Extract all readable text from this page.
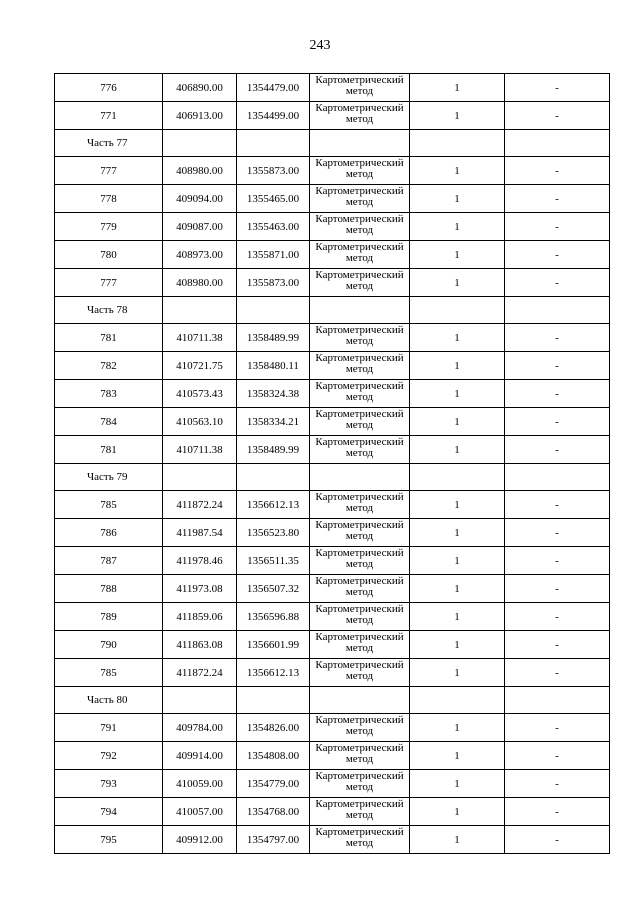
243
776	406890.00	1354479.00	Картометрический метод	1	-
771	406913.00	1354499.00	Картометрический метод	1	-
Часть 77					
777	408980.00	1355873.00	Картометрический метод	1	-
778	409094.00	1355465.00	Картометрический метод	1	-
779	409087.00	1355463.00	Картометрический метод	1	-
780	408973.00	1355871.00	Картометрический метод	1	-
777	408980.00	1355873.00	Картометрический метод	1	-
Часть 78					
781	410711.38	1358489.99	Картометрический метод	1	-
782	410721.75	1358480.11	Картометрический метод	1	-
783	410573.43	1358324.38	Картометрический метод	1	-
784	410563.10	1358334.21	Картометрический метод	1	-
781	410711.38	1358489.99	Картометрический метод	1	-
Часть 79					
785	411872.24	1356612.13	Картометрический метод	1	-
786	411987.54	1356523.80	Картометрический метод	1	-
787	411978.46	1356511.35	Картометрический метод	1	-
788	411973.08	1356507.32	Картометрический метод	1	-
789	411859.06	1356596.88	Картометрический метод	1	-
790	411863.08	1356601.99	Картометрический метод	1	-
785	411872.24	1356612.13	Картометрический метод	1	-
Часть 80					
791	409784.00	1354826.00	Картометрический метод	1	-
792	409914.00	1354808.00	Картометрический метод	1	-
793	410059.00	1354779.00	Картометрический метод	1	-
794	410057.00	1354768.00	Картометрический метод	1	-
795	409912.00	1354797.00	Картометрический метод	1	-
